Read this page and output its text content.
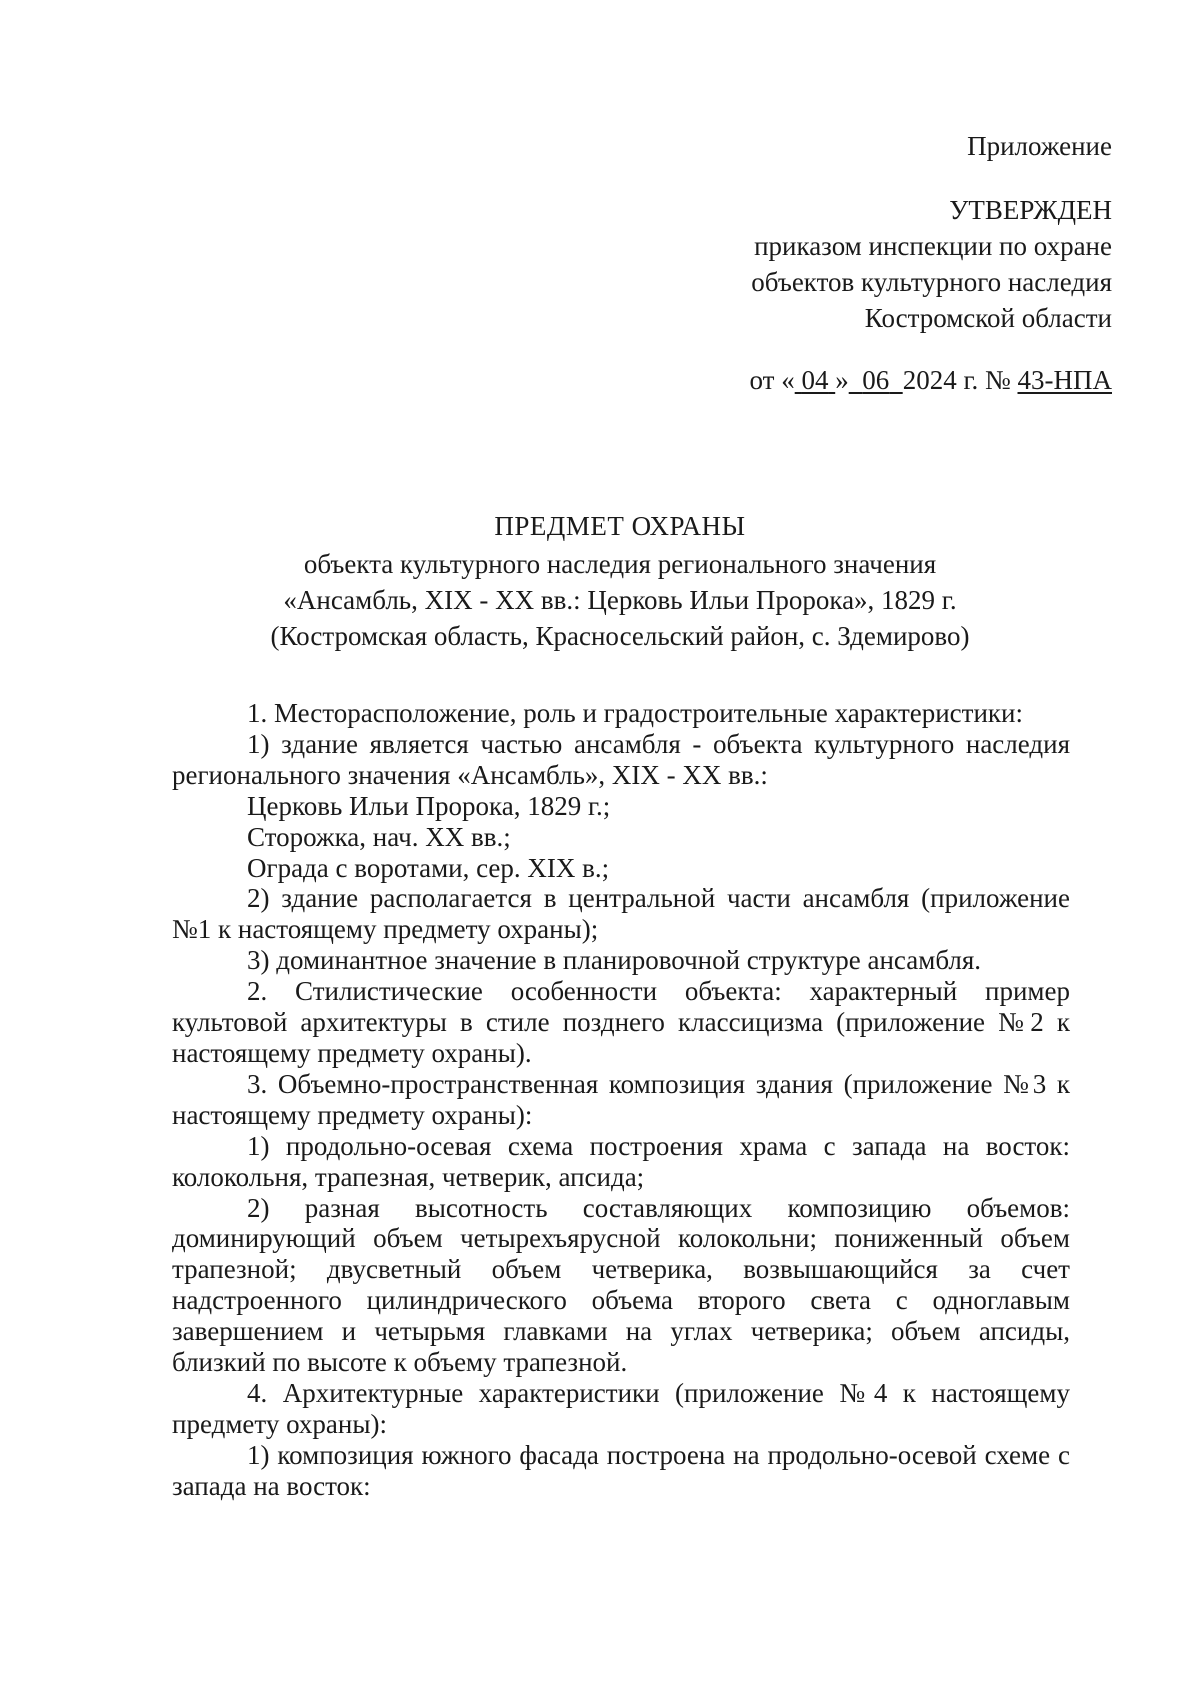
Приложение
УТВЕРЖДЕН
приказом инспекции по охране
объектов культурного наследия
Костромской области
от « 04 » 06 2024 г. № 43-НПА
ПРЕДМЕТ ОХРАНЫ
объекта культурного наследия регионального значения
«Ансамбль, XIX - XX вв.: Церковь Ильи Пророка», 1829 г.
(Костромская область, Красносельский район, с. Здемирово)

1. Месторасположение, роль и градостроительные характеристики:

1) здание является частью ансамбля - объекта культурного наследия регионального значения «Ансамбль», XIX - XX вв.:

Церковь Ильи Пророка, 1829 г.;

Сторожка, нач. XX вв.;

Ограда с воротами, сер. XIX в.;

2) здание располагается в центральной части ансамбля (приложение №1 к настоящему предмету охраны);

3) доминантное значение в планировочной структуре ансамбля.

2. Стилистические особенности объекта: характерный пример культовой архитектуры в стиле позднего классицизма (приложение №2 к настоящему предмету охраны).

3. Объемно-пространственная композиция здания (приложение №3 к настоящему предмету охраны):

1) продольно-осевая схема построения храма с запада на восток: колокольня, трапезная, четверик, апсида;

2) разная высотность составляющих композицию объемов: доминирующий объем четырехъярусной колокольни; пониженный объем трапезной; двусветный объем четверика, возвышающийся за счет надстроенного цилиндрического объема второго света с одноглавым завершением и четырьмя главками на углах четверика; объем апсиды, близкий по высоте к объему трапезной.

4. Архитектурные характеристики (приложение №4 к настоящему предмету охраны):

1) композиция южного фасада построена на продольно-осевой схеме с запада на восток:
